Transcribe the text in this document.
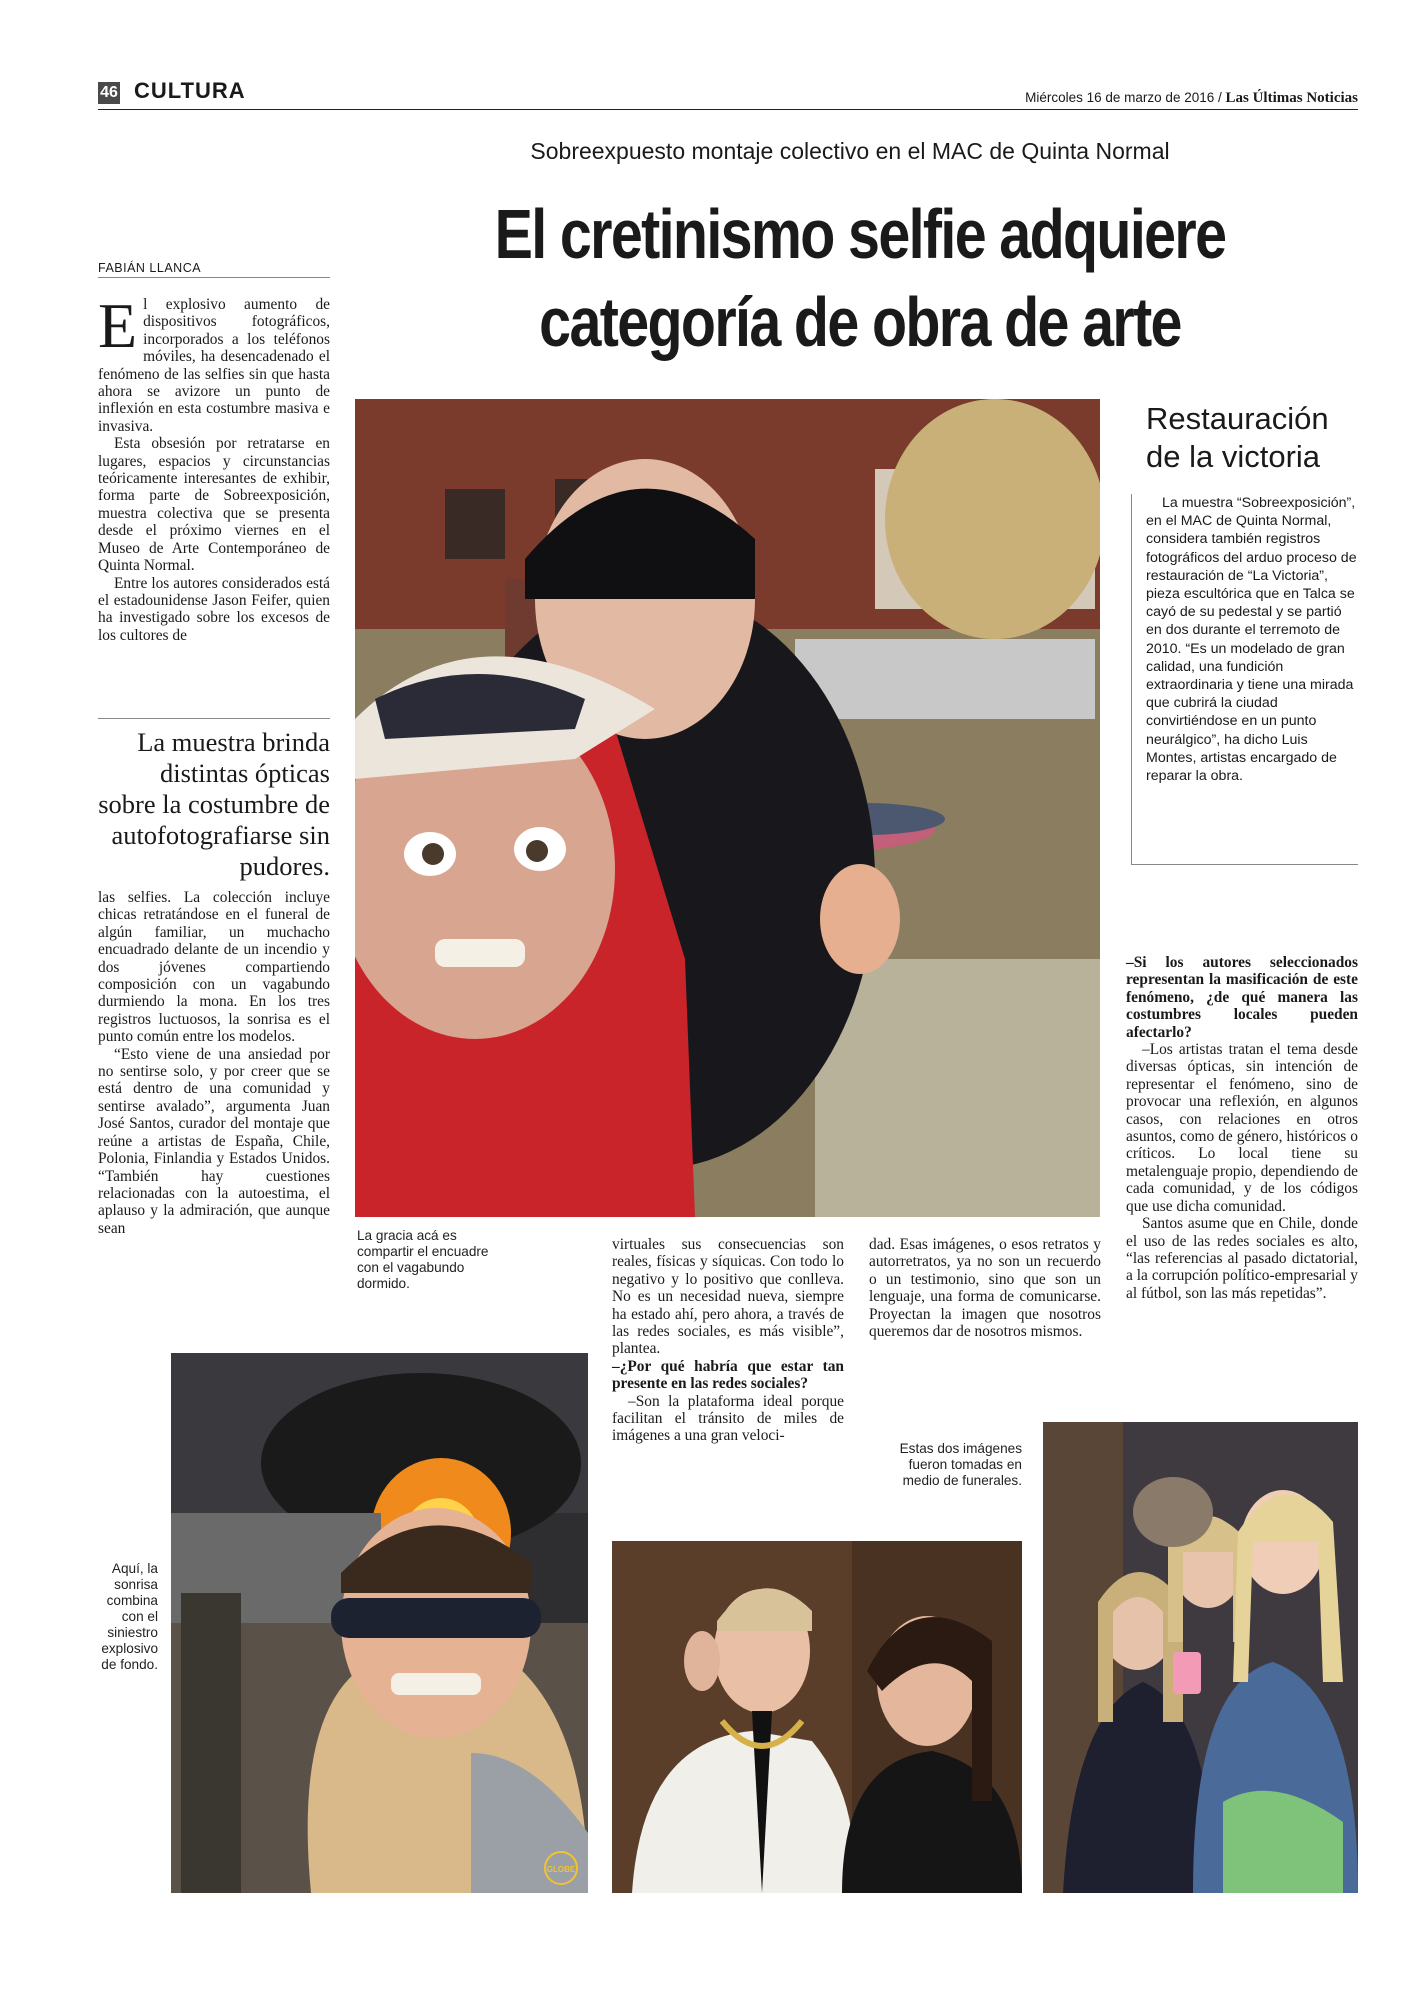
46 CULTURA	Miércoles 16 de marzo de 2016 / Las Últimas Noticias
Sobreexpuesto montaje colectivo en el MAC de Quinta Normal
El cretinismo selfie adquiere
categoría de obra de arte
FABIÁN LLANCA

El explosivo aumento de dispositivos fotográficos, incorporados a los teléfonos móviles, ha desencadenado el fenómeno de las selfies sin que hasta ahora se avizore un punto de inflexión en esta costumbre masiva e invasiva.

Esta obsesión por retratarse en lugares, espacios y circunstancias teóricamente interesantes de exhibir, forma parte de Sobreexposición, muestra colectiva que se presenta desde el próximo viernes en el Museo de Arte Contemporáneo de Quinta Normal.

Entre los autores considerados está el estadounidense Jason Feifer, quien ha investigado sobre los excesos de los cultores de

La muestra brinda distintas ópticas sobre la costumbre de autofotografiarse sin pudores.

las selfies. La colección incluye chicas retratándose en el funeral de algún familiar, un muchacho encuadrado delante de un incendio y dos jóvenes compartiendo composición con un vagabundo durmiendo la mona. En los tres registros luctuosos, la sonrisa es el punto común entre los modelos.

“Esto viene de una ansiedad por no sentirse solo, y por creer que se está dentro de una comunidad y sentirse avalado”, argumenta Juan José Santos, curador del montaje que reúne a artistas de España, Chile, Polonia, Finlandia y Estados Unidos. “También hay cuestiones relacionadas con la autoestima, el aplauso y la admiración, que aunque sean	La gracia acá es compartir el encuadre con el vagabundo dormido.
Restauración
de la victoria

La muestra “Sobreexposición”, en el MAC de Quinta Normal, considera también registros fotográficos del arduo proceso de restauración de “La Victoria”, pieza escultórica que en Talca se cayó de su pedestal y se partió en dos durante el terremoto de 2010. “Es un modelado de gran calidad, una fundición extraordinaria y tiene una mirada que cubrirá la ciudad convirtiéndose en un punto neurálgico”, ha dicho Luis Montes, artistas encargado de reparar la obra.

–Si los autores seleccionados representan la masificación de este fenómeno, ¿de qué manera las costumbres locales pueden afectarlo?

–Los artistas tratan el tema desde diversas ópticas, sin intención de representar el fenómeno, sino de provocar una reflexión, en algunos casos, con relaciones en otros asuntos, como de género, históricos o críticos. Lo local tiene su metalenguaje propio, dependiendo de cada comunidad, y de los códigos que use dicha comunidad.

Santos asume que en Chile, donde el uso de las redes sociales es alto, “las referencias al pasado dictatorial, a la corrupción político-empresarial y al fútbol, son las más repetidas”.

virtuales sus consecuencias son reales, físicas y síquicas. Con todo lo negativo y lo positivo que conlleva. No es un necesidad nueva, siempre ha estado ahí, pero ahora, a través de las redes sociales, es más visible”, plantea.

–¿Por qué habría que estar tan presente en las redes sociales?

–Son la plataforma ideal porque facilitan el tránsito de miles de imágenes a una gran veloci-

dad. Esas imágenes, o esos retratos y autorretratos, ya no son un recuerdo o un testimonio, sino que son un lenguaje, una forma de comunicarse. Proyectan la imagen que nosotros queremos dar de nosotros mismos.

GLOBE
Aquí, la sonrisa combina con el siniestro explosivo de fondo.
Estas dos imágenes fueron tomadas en medio de funerales.
